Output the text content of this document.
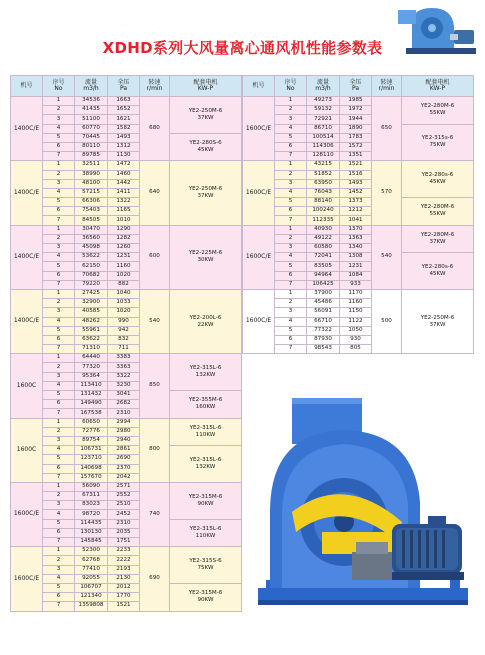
XDHD系列大风量离心通风机性能参数表
机号	序号
No	流量
m3/h	全压
Pa	转速
r/min	配套电机
KW-P
1400C/E	1	34536	1663	680	YE2-250M-6
37KW
	2	41435	1652		
	3	51100	1621		
	4	60770	1582		
	5	70445	1493		YE2-280S-6
45KW
	6	80110	1312		
	7	89785	1130		
1400C/E	1	32511	1472	640	YE2-250M-6
37KW
	2	38990	1460		
	3	48100	1442		
	4	57215	1411		
	5	66306	1322		
	6	75403	1165		
	7	84505	1010		
1400C/E	1	30470	1290	600	YE2-225M-6
30KW
	2	36560	1282		
	3	45098	1260		
	4	53622	1231		
	5	62150	1160		
	6	70682	1020		
	7	79220	882		
1400C/E	1	27425	1040	540	YE2-200L-6
22KW
	2	32900	1033		
	3	40585	1020		
	4	48262	990		
	5	55961	942		
	6	63622	832		
	7	71310	711		
1600C	1	64440	3383	850	YE2-315L-6
132KW
	2	77320	3363		
	3	95364	3322		
	4	113410	3230		
	5	131432	3041		YE2-355M-6
160KW
	6	149490	2682		
	7	167538	2310		
1600C	1	60650	2994	800	YE2-315L-6
110KW
	2	72776	2980		
	3	89754	2940		
	4	106731	2861		YE2-315L-6
132KW
	5	123710	2690		
	6	140698	2370		
	7	157670	2042		
1600C/E	1	56090	2571	740	YE2-315M-6
90KW
	2	67311	2552		
	3	83023	2510		
	4	98720	2452		
	5	114435	2310		YE2-315L-6
110KW
	6	130130	2035		
	7	145845	1751		
1600C/E	1	52300	2233	690	YE2-315S-6
75KW
	2	62768	2222		
	3	77410	2193		
	4	92055	2130		
	5	106707	2012		YE2-315M-6
90KW
	6	121340	1770		
	7	1359808	1521		
机号	序号
No	流量
m3/h	全压
Pa	转速
r/min	配套电机
KW-P
1600C/E	1	49273	1985	650	YE2-280M-6
55KW
	2	59132	1972		
	3	72921	1944		
	4	86710	1890		YE2-315s-6
75KW
	5	100514	1783		
	6	114306	1572		
	7	128110	1351		
1600C/E	1	43215	1521	570	YE2-280s-6
45KW
	2	51852	1516		
	3	63950	1493		
	4	76043	1452		
	5	88140	1373		YE2-280M-6
55KW
	6	100240	1212		
	7	112335	1041		
1600C/E	1	40930	1370	540	YE2-280M-6
37KW
	2	49122	1363		
	3	60580	1340		
	4	72041	1308		YE2-280s-6
45KW
	5	83505	1231		
	6	94964	1084		
	7	106425	933		
1600C/E	1	37900	1170	500	YE2-250M-6
37KW
	2	45486	1160		
	3	56091	1150		
	4	66710	1122		
	5	77322	1050		
	6	87930	930		
	7	98543	805		
